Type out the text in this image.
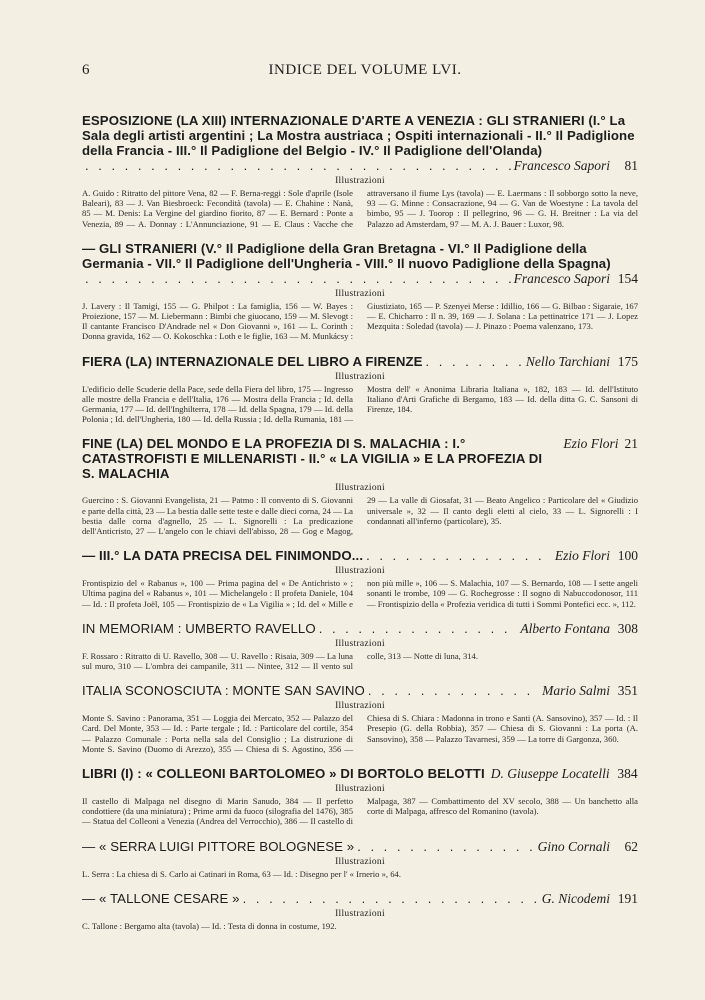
6	INDICE DEL VOLUME LVI.
ESPOSIZIONE (LA XIII) INTERNAZIONALE D'ARTE A VENEZIA : GLI STRANIERI (I.° La Sala degli artisti argentini ; La Mostra austriaca ; Ospiti internazionali - II.° Il Padiglione della Francia - III.° Il Padiglione del Belgio - IV.° Il Padiglione dell'Olanda)
. . .
Francesco Sapori	81
Illustrazioni
A. Guido : Ritratto del pittore Vena, 82 — F. Berna-reggi : Sole d'aprile (Isole Baleari), 83 — J. Van Biesbroeck: Fecondità (tavola) — E. Chahine : Nanà, 85 — M. Denis: La Vergine del giardino fiorito, 87 — E. Bernard : Ponte a Venezia, 89 — A. Donnay : L'Annunciazione, 91 — E. Claus : Vacche che attraversano il fiume Lys (tavola) — E. Laermans : Il sobborgo sotto la neve, 93 — G. Minne : Consacrazione, 94 — G. Van de Woestyne : La tavola del bimbo, 95 — J. Toorop : Il pellegrino, 96 — G. H. Breitner : La via del Palazzo ad Amsterdam, 97 — M. A. J. Bauer : Luxor, 98.
— GLI STRANIERI (V.° Il Padiglione della Gran Bretagna - VI.° Il Padiglione della Germania - VII.° Il Padiglione dell'Ungheria - VIII.° Il nuovo Padiglione della Spagna)
. . .
Francesco Sapori 154
Illustrazioni
J. Lavery : Il Tamigi, 155 — G. Philpot : La famiglia, 156 — W. Bayes : Proiezione, 157 — M. Liebermann : Bimbi che giuocano, 159 — M. Slevogt : Il cantante Francisco D'Andrade nel « Don Giovanni », 161 — L. Corinth : Donna gravida, 162 — O. Kokoschka : Loth e le figlie, 163 — M. Munkácsy : Giustiziato, 165 — P. Szenyei Merse : Idillio, 166 — G. Bilbao : Sigaraie, 167 — E. Chicharro : Il n. 39, 169 — J. Solana : La pettinatrice 171 — J. Lopez Mezquita : Soledad (tavola) — J. Pinazo : Poema valenzano, 173.
FIERA (LA) INTERNAZIONALE DEL LIBRO A FIRENZE . . .	Nello Tarchiani 175
Illustrazioni
L'edificio delle Scuderie della Pace, sede della Fiera del libro, 175 — Ingresso alle mostre della Francia e dell'Italia, 176 — Mostra della Francia ; Id. della Germania, 177 — Id. dell'Inghilterra, 178 — Id. della Spagna, 179 — Id. della Polonia ; Id. dell'Ungheria, 180 — Id. della Russia ; Id. della Rumania, 181 — Mostra dell' « Anonima Libraria Italiana », 182, 183 — Id. dell'Istituto Italiano d'Arti Grafiche di Bergamo, 183 — Id. della ditta G. C. Sansoni di Firenze, 184.
FINE (LA) DEL MONDO E LA PROFEZIA DI S. MALACHIA : I.° CATASTROFISTI E MILLENARISTI - II.° « LA VIGILIA » E LA PROFEZIA DI S. MALACHIA
Ezio Flori 21
Illustrazioni
Guercino : S. Giovanni Evangelista, 21 — Patmo : Il convento di S. Giovanni e parte della città, 23 — La bestia dalle sette teste e dalle dieci corna, 24 — La bestia dalle corna d'agnello, 25 — L. Signorelli : La predicazione dell'Anticristo, 27 — L'angelo con le chiavi dell'abisso, 28 — Gog e Magog, 29 — La valle di Giosafat, 31 — Beato Angelico : Particolare del « Giudizio universale », 32 — Il canto degli eletti al cielo, 33 — L. Signorelli : I condannati all'inferno (particolare), 35.
— III.° LA DATA PRECISA DEL FINIMONDO... . . .	Ezio Flori 100
Illustrazioni
Frontispizio del « Rabanus », 100 — Prima pagina del « De Antichristo » ; Ultima pagina del « Rabanus », 101 — Michelangelo : Il profeta Daniele, 104 — Id. : Il profeta Joël, 105 — Frontispizio de « La Vigilia » ; Id. del « Mille e non più mille », 106 — S. Malachia, 107 — S. Bernardo, 108 — I sette angeli sonanti le trombe, 109 — G. Rochegrosse : Il sogno di Nabuccodonosor, 111 — Frontispizio della « Profezia veridica di tutti i Sommi Pontefici ecc. », 112.
IN MEMORIAM : UMBERTO RAVELLO . . .	Alberto Fontana 308
Illustrazioni
F. Rossaro : Ritratto di U. Ravello, 308 — U. Ravello : Risaia, 309 — La luna sul muro, 310 — L'ombra dei campanile, 311 — Nintee, 312 — Il vento sul colle, 313 — Notte di luna, 314.
ITALIA SCONOSCIUTA : MONTE SAN SAVINO . . .	Mario Salmi 351
Illustrazioni
Monte S. Savino : Panorama, 351 — Loggia dei Mercato, 352 — Palazzo del Card. Del Monte, 353 — Id. : Parte tergale ; Id. : Particolare del cortile, 354 — Palazzo Comunale : Porta nella sala del Consiglio ; La distruzione di Monte S. Savino (Duomo di Arezzo), 355 — Chiesa di S. Agostino, 356 — Chiesa di S. Chiara : Madonna in trono e Santi (A. Sansovino), 357 — Id. : Il Presepio (G. della Robbia), 357 — Chiesa di S. Giovanni : La porta (A. Sansovino), 358 — Palazzo Tavarnesi, 359 — La torre di Gargonza, 360.
LIBRI (I) : « COLLEONI BARTOLOMEO » DI BORTOLO BELOTTI D. Giuseppe Locatelli 384
Illustrazioni
Il castello di Malpaga nel disegno di Marin Sanudo, 384 — Il perfetto condottiere (da una miniatura) ; Prime armi da fuoco (silografia del 1476), 385 — Statua del Colleoni a Venezia (Andrea del Verrocchio), 386 — Il castello di Malpaga, 387 — Combattimento del XV secolo, 388 — Un banchetto alla corte di Malpaga, affresco del Romanino (tavola).
— « SERRA LUIGI PITTORE BOLOGNESE » . . .	Gino Cornali	62
Illustrazioni
L. Serra : La chiesa di S. Carlo ai Catinari in Roma, 63 — Id. : Disegno per l' « Irnerio », 64.
— « TALLONE CESARE » . . .	G. Nicodemi 191
Illustrazioni
C. Tallone : Bergamo alta (tavola) — Id. : Testa di donna in costume, 192.
